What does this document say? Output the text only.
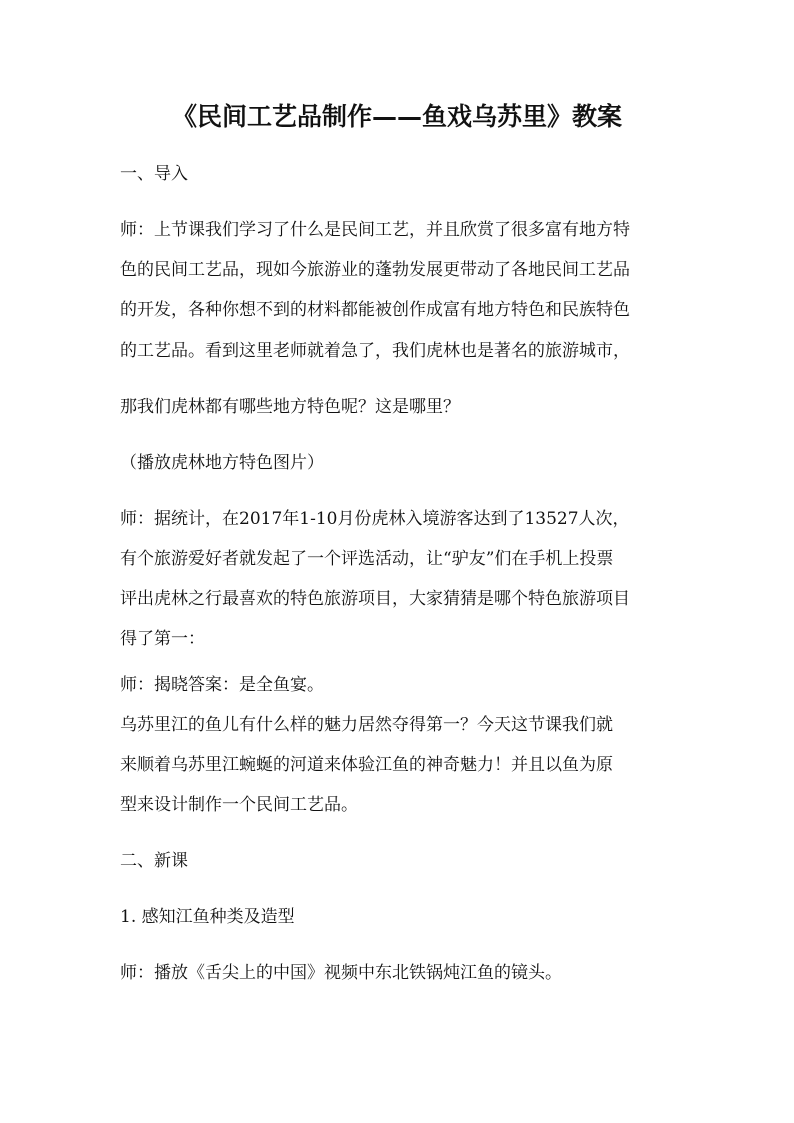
《民间工艺品制作——鱼戏乌苏里》教案
一、导入
师：上节课我们学习了什么是民间工艺，并且欣赏了很多富有地方特
色的民间工艺品，现如今旅游业的蓬勃发展更带动了各地民间工艺品
的开发，各种你想不到的材料都能被创作成富有地方特色和民族特色
的工艺品。看到这里老师就着急了，我们虎林也是著名的旅游城市，
那我们虎林都有哪些地方特色呢？这是哪里？
（播放虎林地方特色图片）
师：据统计，在2017年1-10月份虎林入境游客达到了13527人次，
有个旅游爱好者就发起了一个评选活动，让“驴友”们在手机上投票
评出虎林之行最喜欢的特色旅游项目，大家猜猜是哪个特色旅游项目
得了第一：
师：揭晓答案：是全鱼宴。
乌苏里江的鱼儿有什么样的魅力居然夺得第一？今天这节课我们就
来顺着乌苏里江蜿蜒的河道来体验江鱼的神奇魅力！并且以鱼为原
型来设计制作一个民间工艺品。
二、新课
1. 感知江鱼种类及造型
师：播放《舌尖上的中国》视频中东北铁锅炖江鱼的镜头。
